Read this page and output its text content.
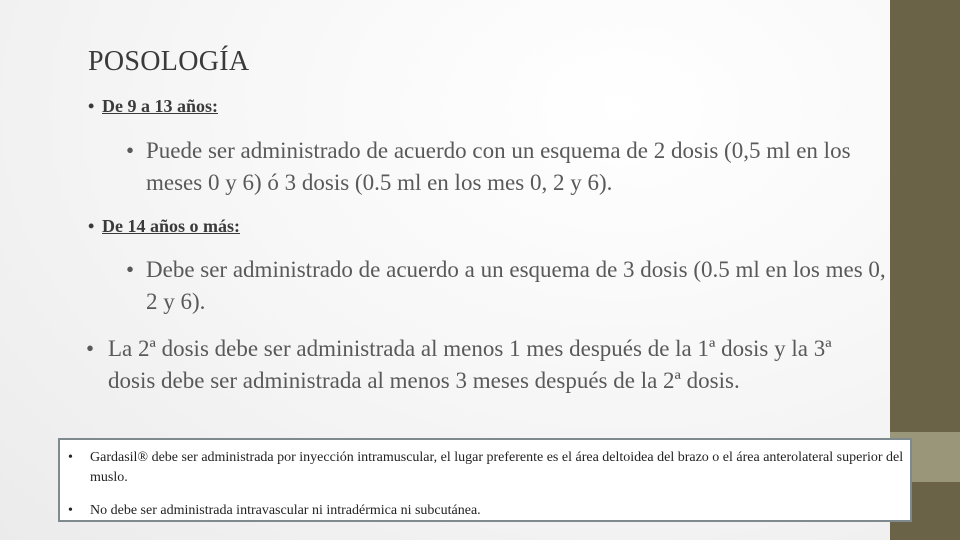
POSOLOGÍA

• De 9 a 13 años:

• Puede ser administrado de acuerdo con un esquema de 2 dosis (0,5 ml en los meses 0 y 6) ó 3 dosis (0.5 ml en los mes 0, 2 y 6).

• De 14 años o más:

• Debe ser administrado de acuerdo a un esquema de 3 dosis (0.5 ml en los mes 0, 2 y 6).

• La 2ª dosis debe ser administrada al menos 1 mes después de la 1ª dosis y la 3ª dosis debe ser administrada al menos 3 meses después de la 2ª dosis.

• Gardasil® debe ser administrada por inyección intramuscular, el lugar preferente es el área deltoidea del brazo o el área anterolateral superior del muslo.

• No debe ser administrada intravascular ni intradérmica ni subcutánea.
